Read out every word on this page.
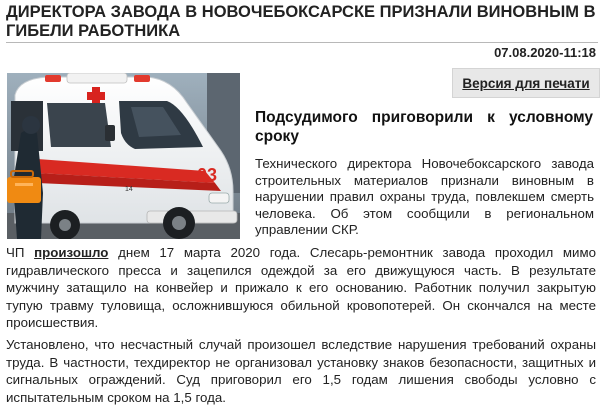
ДИРЕКТОРА ЗАВОДА В НОВОЧЕБОКСАРСКЕ ПРИЗНАЛИ ВИНОВНЫМ В ГИБЕЛИ РАБОТНИКА
07.08.2020-11:18
Версия для печати
03
14
Подсудимого приговорили к условному сроку
Технического директора Новочебоксарского завода строительных материалов признали виновным в нарушении правил охраны труда, повлекшем смерть человека. Об этом сообщили в региональном управлении СКР.

ЧП произошло днем 17 марта 2020 года. Слесарь-ремонтник завода проходил мимо гидравлического пресса и зацепился одеждой за его движущуюся часть. В результате мужчину затащило на конвейер и прижало к его основанию. Работник получил закрытую тупую травму туловища, осложнившуюся обильной кровопотерей. Он скончался на месте происшествия.

Установлено, что несчастный случай произошел вследствие нарушения требований охраны труда. В частности, техдиректор не организовал установку знаков безопасности, защитных и сигнальных ограждений. Суд приговорил его 1,5 годам лишения свободы условно с испытательным сроком на 1,5 года.
